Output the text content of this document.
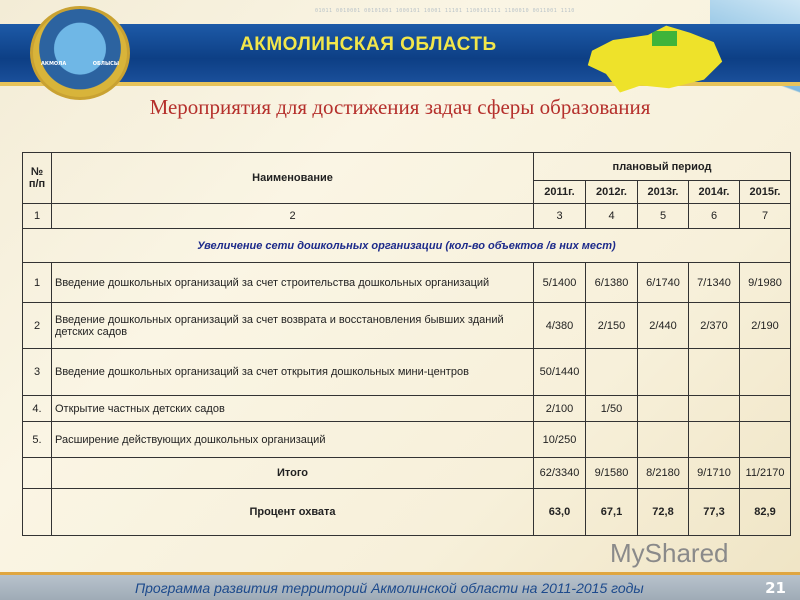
01011 0010001 00101001 1000101 10001 11101 1100101111 1100010 0011001 1110
АКМОЛИНСКАЯ ОБЛАСТЬ
АКМОЛА	ОБЛЫСЫ
Мероприятия для достижения задач сферы образования
№ п/п	Наименование	плановый период				
		2011г.	2012г.	2013г.	2014г.	2015г.
1	2	3	4	5	6	7
Увеличение сети дошкольных организации (кол-во объектов /в них мест)						
1	Введение дошкольных организаций за счет строительства дошкольных организаций	5/1400	6/1380	6/1740	7/1340	9/1980
2	Введение дошкольных организаций за счет возврата и восстановления бывших зданий детских садов	4/380	2/150	2/440	2/370	2/190
3	Введение дошкольных организаций за счет открытия дошкольных мини-центров	50/1440				
4.	Открытие частных детских садов	2/100	1/50			
5.	Расширение действующих дошкольных организаций	10/250				
	Итого	62/3340	9/1580	8/2180	9/1710	11/2170
	Процент охвата	63,0	67,1	72,8	77,3	82,9
MyShared
Программа развития территорий Акмолинской области на 2011-2015 годы	21
